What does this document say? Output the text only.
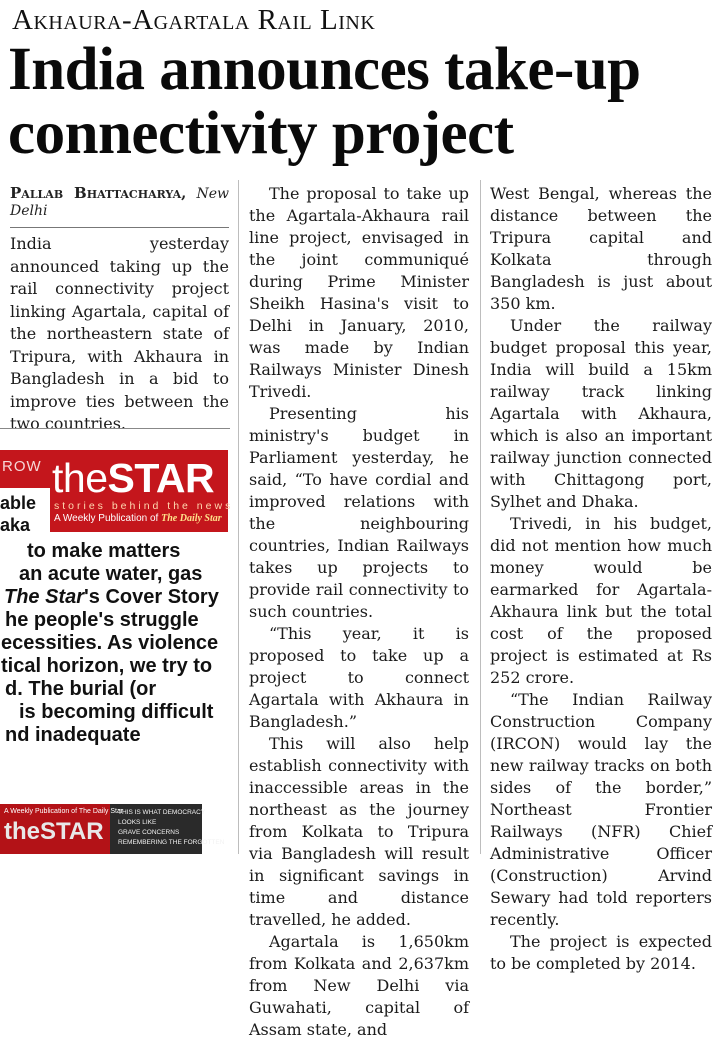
Akhaura-Agartala Rail Link
India announces take-up connectivity project
Pallab Bhattacharya, New Delhi

India yesterday announced taking up the rail connectivity project linking Agartala, capital of the northeastern state of Tripura, with Akhaura in Bangladesh in a bid to improve ties between the two countries.

ROW theSTAR
stories behind the news
A Weekly Publication of The Daily Star
able
aka
to make matters
an acute water, gas
The Star's Cover Story
he people's struggle
ecessities. As violence
tical horizon, we try to
d. The burial (or
is becoming difficult
nd inadequate
A Weekly Publication of The Daily Star
theSTAR
THIS IS WHAT DEMOCRACY
LOOKS LIKE
GRAVE CONCERNS
REMEMBERING THE FORGOTTEN

The proposal to take up the Agartala-Akhaura rail line project, envisaged in the joint communiqué during Prime Minister Sheikh Hasina's visit to Delhi in January, 2010, was made by Indian Railways Minister Dinesh Trivedi.

Presenting his ministry's budget in Parliament yesterday, he said, “To have cordial and improved relations with the neighbouring countries, Indian Railways takes up projects to provide rail connectivity to such countries.

“This year, it is proposed to take up a project to connect Agartala with Akhaura in Bangladesh.”

This will also help establish connectivity with inaccessible areas in the northeast as the journey from Kolkata to Tripura via Bangladesh will result in significant savings in time and distance travelled, he added.

Agartala is 1,650km from Kolkata and 2,637km from New Delhi via Guwahati, capital of Assam state, and

West Bengal, whereas the distance between the Tripura capital and Kolkata through Bangladesh is just about 350 km.

Under the railway budget proposal this year, India will build a 15km railway track linking Agartala with Akhaura, which is also an important railway junction connected with Chittagong port, Sylhet and Dhaka.

Trivedi, in his budget, did not mention how much money would be earmarked for Agartala-Akhaura link but the total cost of the proposed project is estimated at Rs 252 crore.

“The Indian Railway Construction Company (IRCON) would lay the new railway tracks on both sides of the border,” Northeast Frontier Railways (NFR) Chief Administrative Officer (Construction) Arvind Sewary had told reporters recently.

The project is expected to be completed by 2014.
